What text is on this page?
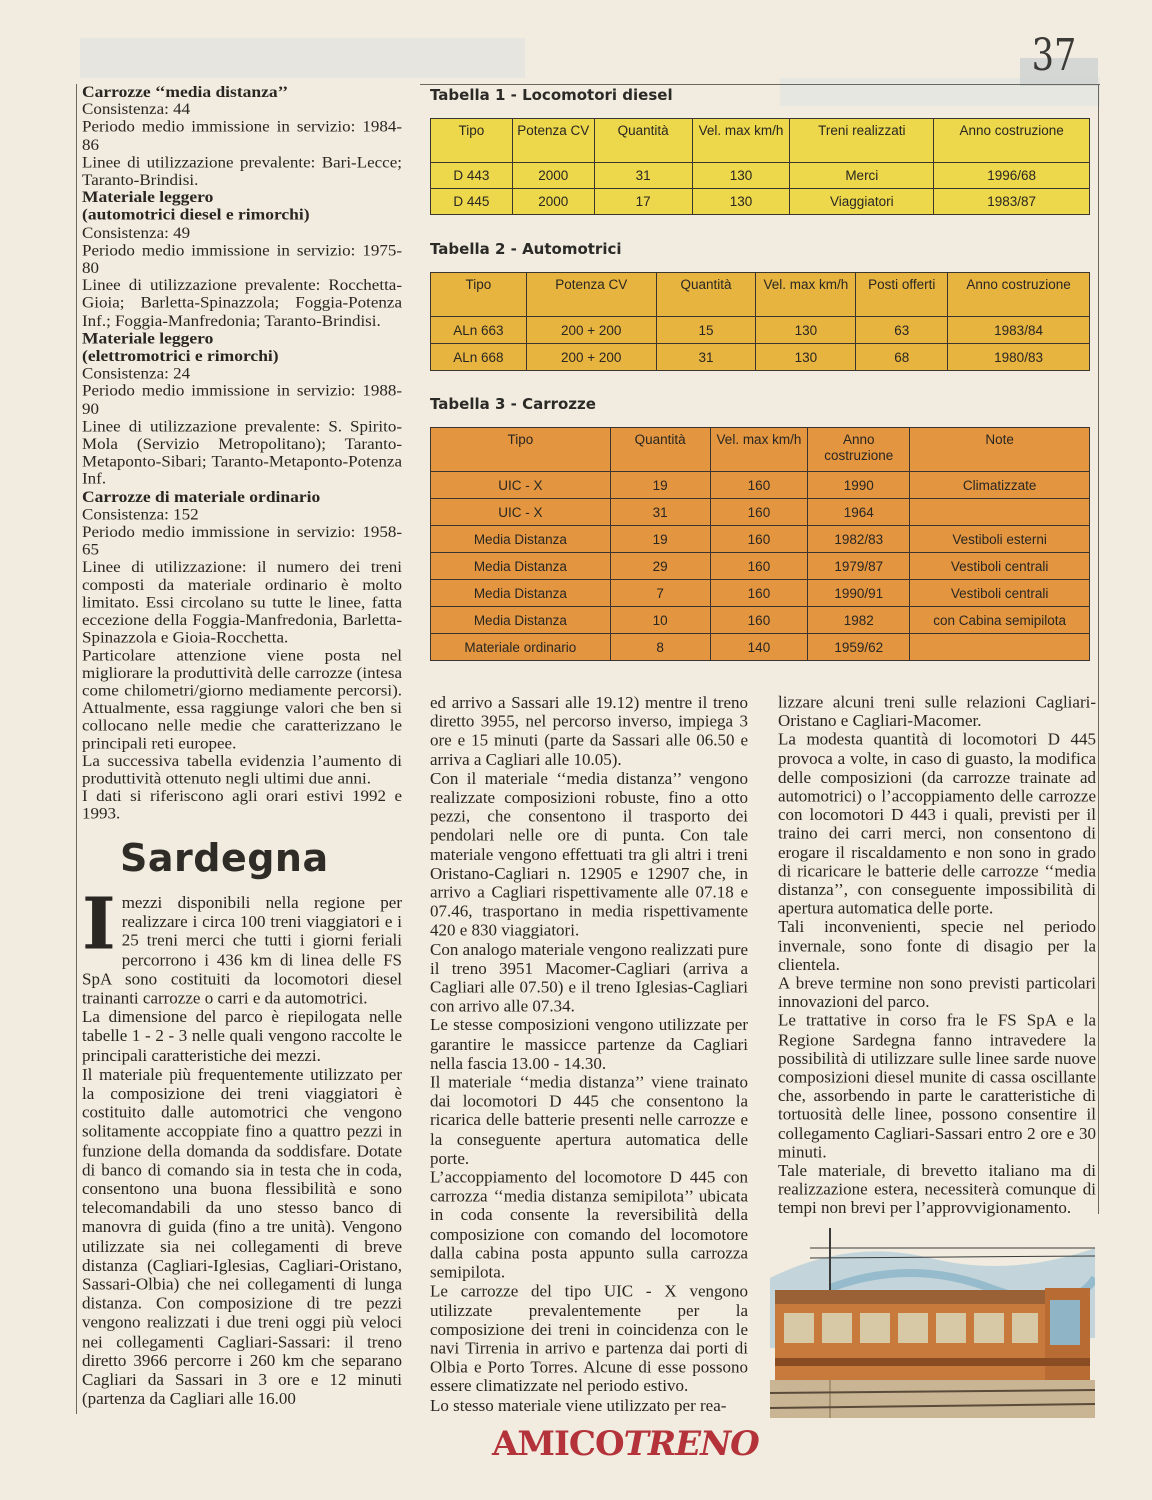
37
Carrozze ‘‘media distanza’’

Consistenza: 44

Periodo medio immissione in servizio: 1984-86

Linee di utilizzazione prevalente: Bari-Lecce; Taranto-Brindisi.

Materiale leggero
(automotrici diesel e rimorchi)

Consistenza: 49

Periodo medio immissione in servizio: 1975-80

Linee di utilizzazione prevalente: Rocchetta-Gioia; Barletta-Spinazzola; Foggia-Potenza Inf.; Foggia-Manfredonia; Taranto-Brindisi.

Materiale leggero
(elettromotrici e rimorchi)

Consistenza: 24

Periodo medio immissione in servizio: 1988-90

Linee di utilizzazione prevalente: S. Spirito-Mola (Servizio Metropolitano); Taranto-Metaponto-Sibari; Taranto-Metaponto-Potenza Inf.

Carrozze di materiale ordinario

Consistenza: 152

Periodo medio immissione in servizio: 1958-65

Linee di utilizzazione: il numero dei treni composti da materiale ordinario è molto limitato. Essi circolano su tutte le linee, fatta eccezione della Foggia-Manfredonia, Barletta-Spinazzola e Gioia-Rocchetta.

Particolare attenzione viene posta nel migliorare la produttività delle carrozze (intesa come chilometri/giorno mediamente percorsi). Attualmente, essa raggiunge valori che ben si collocano nelle medie che caratterizzano le principali reti europee.

La successiva tabella evidenzia l’aumento di produttività ottenuto negli ultimi due anni.

I dati si riferiscono agli orari estivi 1992 e 1993.

Sardegna

Imezzi disponibili nella regione per realizzare i circa 100 treni viaggiatori e i 25 treni merci che tutti i giorni feriali percorrono i 436 km di linea delle FS SpA sono costituiti da locomotori diesel trainanti carrozze o carri e da automotrici.

La dimensione del parco è riepilogata nelle tabelle 1 - 2 - 3 nelle quali vengono raccolte le principali caratteristiche dei mezzi.

Il materiale più frequentemente utilizzato per la composizione dei treni viaggiatori è costituito dalle automotrici che vengono solitamente accoppiate fino a quattro pezzi in funzione della domanda da soddisfare. Dotate di banco di comando sia in testa che in coda, consentono una buona flessibilità e sono telecomandabili da uno stesso banco di manovra di guida (fino a tre unità). Vengono utilizzate sia nei collegamenti di breve distanza (Cagliari-Iglesias, Cagliari-Oristano, Sassari-Olbia) che nei collegamenti di lunga distanza. Con composizione di tre pezzi vengono realizzati i due treni oggi più veloci nei collegamenti Cagliari-Sassari: il treno diretto 3966 percorre i 260 km che separano Cagliari da Sassari in 3 ore e 12 minuti (partenza da Cagliari alle 16.00

Tabella 1 - Locomotori diesel
Tipo	Potenza CV	Quantità	Vel. max km/h	Treni realizzati	Anno costruzione
D 443	2000	31	130	Merci	1996/68
D 445	2000	17	130	Viaggiatori	1983/87
Tabella 2 - Automotrici
Tipo	Potenza CV	Quantità	Vel. max km/h	Posti offerti	Anno costruzione
ALn 663	200 + 200	15	130	63	1983/84
ALn 668	200 + 200	31	130	68	1980/83
Tabella 3 - Carrozze
Tipo	Quantità	Vel. max km/h	Anno costruzione	Note
UIC - X	19	160	1990	Climatizzate
UIC - X	31	160	1964	
Media Distanza	19	160	1982/83	Vestiboli esterni
Media Distanza	29	160	1979/87	Vestiboli centrali
Media Distanza	7	160	1990/91	Vestiboli centrali
Media Distanza	10	160	1982	con Cabina semipilota
Materiale ordinario	8	140	1959/62	

ed arrivo a Sassari alle 19.12) mentre il treno diretto 3955, nel percorso inverso, impiega 3 ore e 15 minuti (parte da Sassari alle 06.50 e arriva a Cagliari alle 10.05).

Con il materiale ‘‘media distanza’’ vengono realizzate composizioni robuste, fino a otto pezzi, che consentono il trasporto dei pendolari nelle ore di punta. Con tale materiale vengono effettuati tra gli altri i treni Oristano-Cagliari n. 12905 e 12907 che, in arrivo a Cagliari rispettivamente alle 07.18 e 07.46, trasportano in media rispettivamente 420 e 830 viaggiatori.

Con analogo materiale vengono realizzati pure il treno 3951 Macomer-Cagliari (arriva a Cagliari alle 07.50) e il treno Iglesias-Cagliari con arrivo alle 07.34.

Le stesse composizioni vengono utilizzate per garantire le massicce partenze da Cagliari nella fascia 13.00 - 14.30.

Il materiale ‘‘media distanza’’ viene trainato dai locomotori D 445 che consentono la ricarica delle batterie presenti nelle carrozze e la conseguente apertura automatica delle porte.

L’accoppiamento del locomotore D 445 con carrozza ‘‘media distanza semipilota’’ ubicata in coda consente la reversibilità della composizione con comando del locomotore dalla cabina posta appunto sulla carrozza semipilota.

Le carrozze del tipo UIC - X vengono utilizzate prevalentemente per la composizione dei treni in coincidenza con le navi Tirrenia in arrivo e partenza dai porti di Olbia e Porto Torres. Alcune di esse possono essere climatizzate nel periodo estivo.

Lo stesso materiale viene utilizzato per rea-

lizzare alcuni treni sulle relazioni Cagliari-Oristano e Cagliari-Macomer.

La modesta quantità di locomotori D 445 provoca a volte, in caso di guasto, la modifica delle composizioni (da carrozze trainate ad automotrici) o l’accoppiamento delle carrozze con locomotori D 443 i quali, previsti per il traino dei carri merci, non consentono di erogare il riscaldamento e non sono in grado di ricaricare le batterie delle carrozze ‘‘media distanza’’, con conseguente impossibilità di apertura automatica delle porte.

Tali inconvenienti, specie nel periodo invernale, sono fonte di disagio per la clientela.

A breve termine non sono previsti particolari innovazioni del parco.

Le trattative in corso fra le FS SpA e la Regione Sardegna fanno intravedere la possibilità di utilizzare sulle linee sarde nuove composizioni diesel munite di cassa oscillante che, assorbendo in parte le caratteristiche di tortuosità delle linee, possono consentire il collegamento Cagliari-Sassari entro 2 ore e 30 minuti.

Tale materiale, di brevetto italiano ma di realizzazione estera, necessiterà comunque di tempi non brevi per l’approvvigionamento.

AMICOTRENO
